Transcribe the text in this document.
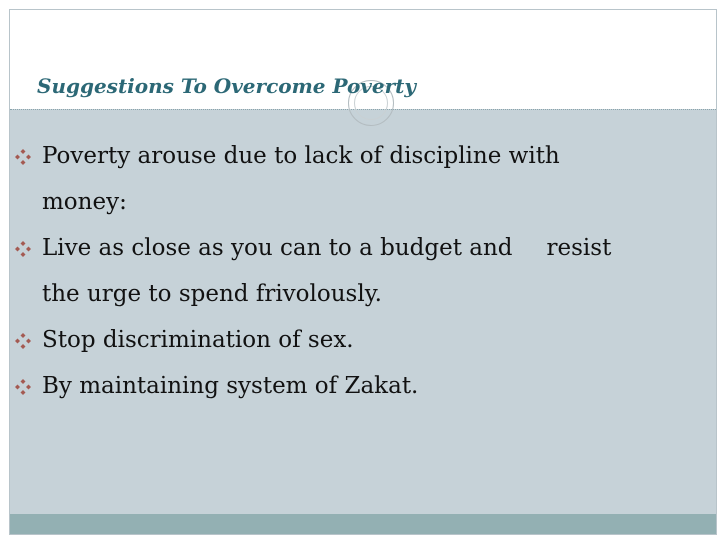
Suggestions To Overcome Poverty
Poverty arouse due to lack of discipline with
money:
Live as close as you can to a budget and resist
the urge to spend frivolously.
Stop discrimination of sex.
By maintaining system of Zakat.
